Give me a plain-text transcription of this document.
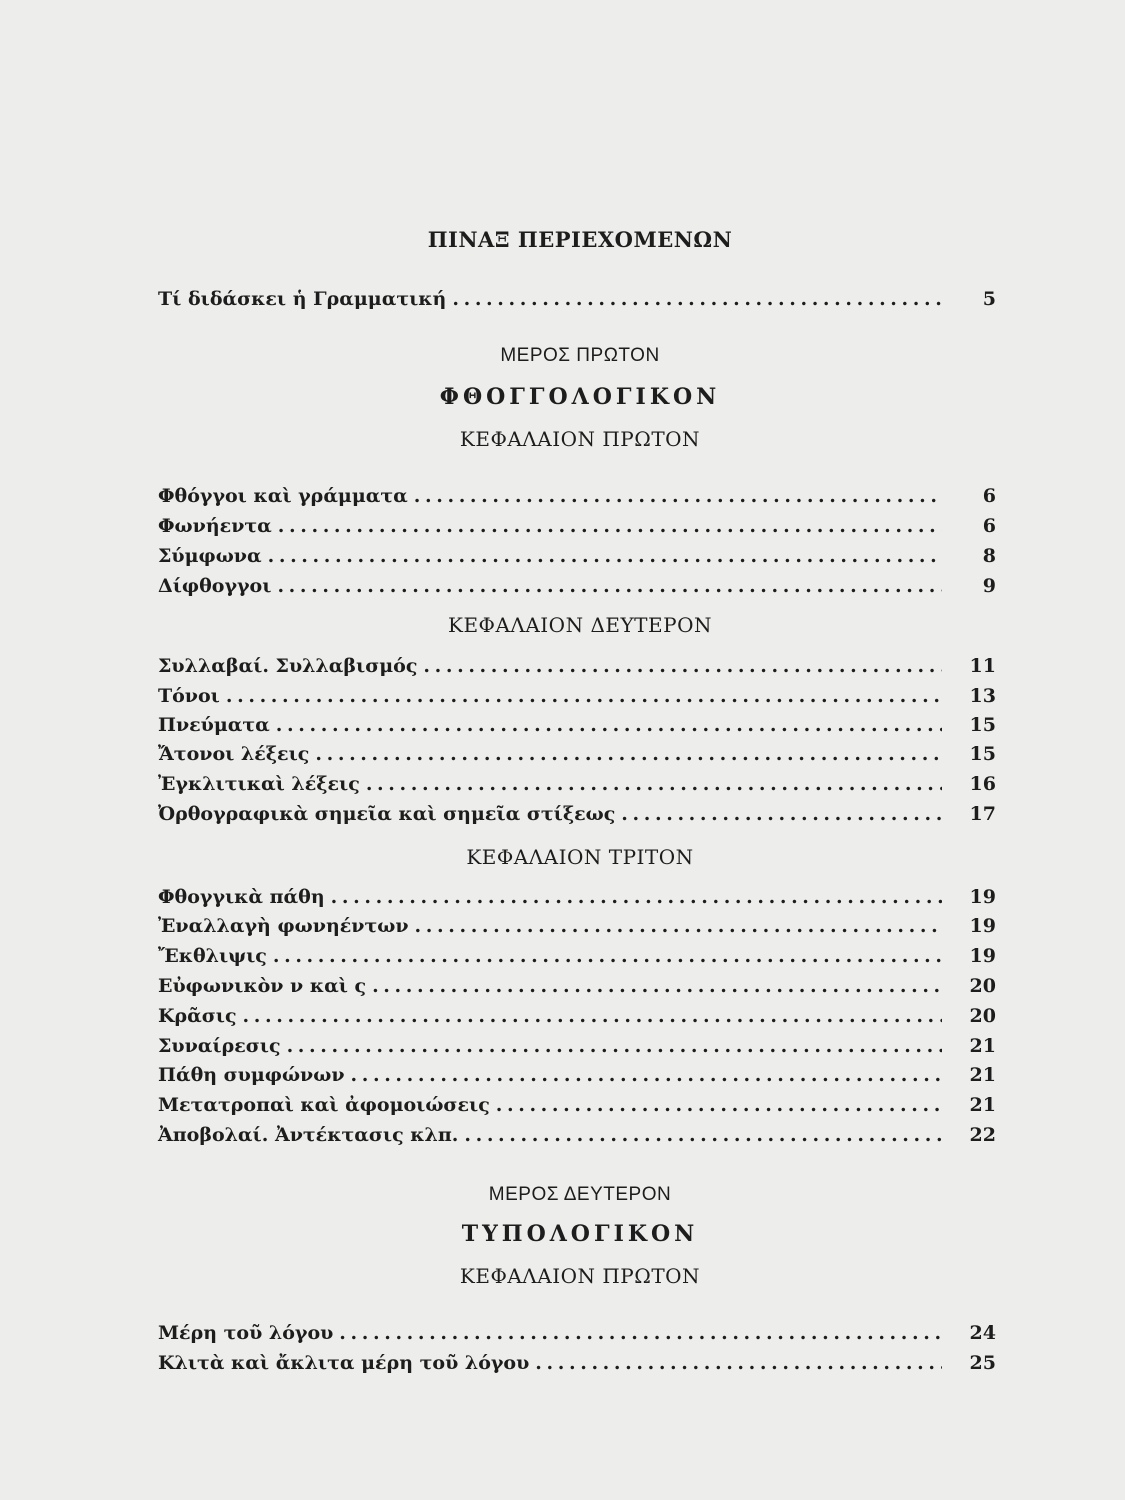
ΠΙΝΑΞ ΠΕΡΙΕΧΟΜΕΝΩΝ
Τί διδάσκει ἡ Γραμματική . . .	5
ΜΕΡΟΣ ΠΡΩΤΟΝ
ΦΘΟΓΓΟΛΟΓΙΚΟΝ
ΚΕΦΑΛΑΙΟΝ ΠΡΩΤΟΝ
Φθόγγοι καὶ γράμματα . . .	6
Φωνήεντα . . .	6
Σύμφωνα . . .	8
Δίφθογγοι . . .	9
ΚΕΦΑΛΑΙΟΝ ΔΕΥΤΕΡΟΝ
Συλλαβαί. Συλλαβισμός . . .	11
Τόνοι . . .	13
Πνεύματα . . .	15
Ἄτονοι λέξεις . . .	15
Ἐγκλιτικαὶ λέξεις . . .	16
Ὀρθογραφικὰ σημεῖα καὶ σημεῖα στίξεως . . .	17
ΚΕΦΑΛΑΙΟΝ ΤΡΙΤΟΝ
Φθογγικὰ πάθη . . .	19
Ἐναλλαγὴ φωνηέντων . . .	19
Ἔκθλιψις . . .	19
Εὐφωνικὸν ν καὶ ς . . .	20
Κρᾶσις . . .	20
Συναίρεσις . . .	21
Πάθη συμφώνων . . .	21
Μετατροπαὶ καὶ ἀφομοιώσεις . . .	21
Ἀποβολαί. Ἀντέκτασις κλπ. . . .	22
ΜΕΡΟΣ ΔΕΥΤΕΡΟΝ
ΤΥΠΟΛΟΓΙΚΟΝ
ΚΕΦΑΛΑΙΟΝ ΠΡΩΤΟΝ
Μέρη τοῦ λόγου . . .	24
Κλιτὰ καὶ ἄκλιτα μέρη τοῦ λόγου . . .	25
